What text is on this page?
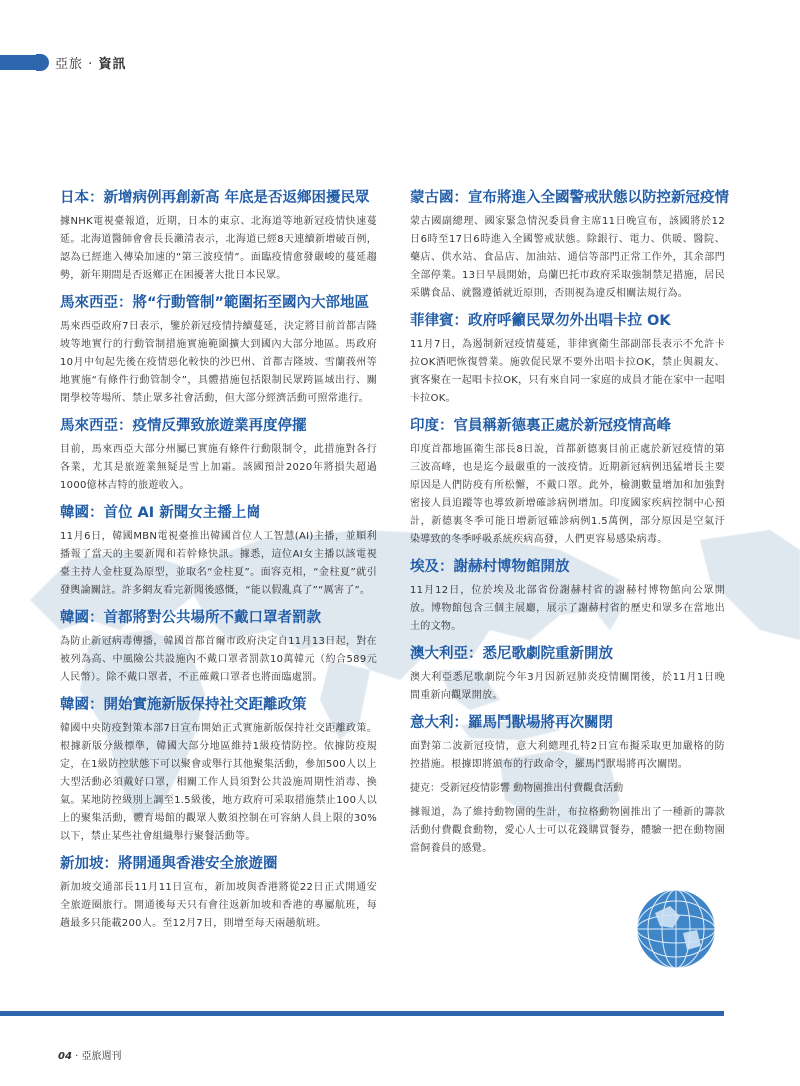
亞旅 · 資訊
日本：新增病例再創新高 年底是否返鄉困擾民眾

據NHK電視臺報道，近期，日本的東京、北海道等地新冠疫情快速蔓延。北海道醫師會會長長瀨清表示，北海道已經8天連續新增破百例，認為已經進入傳染加速的“第三波疫情”。面臨疫情愈發嚴峻的蔓延趨勢，新年期間是否返鄉正在困擾著大批日本民眾。

馬來西亞：將“行動管制”範圍拓至國內大部地區

馬來西亞政府7日表示，鑒於新冠疫情持續蔓延，決定將目前首都吉隆坡等地實行的行動管制措施實施範圍擴大到國內大部分地區。馬政府10月中旬起先後在疫情惡化較快的沙巴州、首都吉隆坡、雪蘭莪州等地實施“有條件行動管制令”，具體措施包括限制民眾跨區域出行、關閉學校等場所、禁止眾多社會活動，但大部分經濟活動可照常進行。

馬來西亞：疫情反彈致旅遊業再度停擺

目前，馬來西亞大部分州屬已實施有條件行動限制令，此措施對各行各業，尤其是旅遊業無疑是雪上加霜。該國預計2020年將損失超過1000億林吉特的旅遊收入。

韓國：首位 AI 新聞女主播上崗

11月6日，韓國MBN電視臺推出韓國首位人工智慧(AI)主播，並順利播報了當天的主要新聞和若幹條快訊。據悉，這位AI女主播以該電視臺主持人金柱夏為原型，並取名“金柱夏”。面容克相，“金柱夏”就引發輿論關註。許多網友看完新聞後感慨，“能以假亂真了”“厲害了”。

韓國：首都將對公共場所不戴口罩者罰款

為防止新冠病毒傳播，韓國首都首爾市政府決定自11月13日起，對在被列為高、中風險公共設施內不戴口罩者罰款10萬韓元（約合589元人民幣）。除不戴口罩者，不正確戴口罩者也將面臨處罰。

韓國：開始實施新版保持社交距離政策

韓國中央防疫對策本部7日宣布開始正式實施新版保持社交距離政策。根據新版分級標準，韓國大部分地區維持1級疫情防控。依據防疫規定，在1級防控狀態下可以聚會或舉行其他聚集活動，參加500人以上大型活動必須戴好口罩，相關工作人員須對公共設施周期性消毒、換氣。某地防控級別上調至1.5級後，地方政府可采取措施禁止100人以上的聚集活動，體育場館的觀眾人數須控制在可容納人員上限的30%以下，禁止某些社會組織舉行聚餐活動等。

新加坡：將開通與香港安全旅遊圈

新加坡交通部長11月11日宣布，新加坡與香港將從22日正式開通安全旅遊圈旅行。開通後每天只有會往返新加坡和香港的專屬航班，每趟最多只能載200人。至12月7日，則增至每天兩趟航班。

蒙古國：宣布將進入全國警戒狀態以防控新冠疫情

蒙古國副總理、國家緊急情況委員會主席11日晚宣布，該國將於12日6時至17日6時進入全國警戒狀態。除銀行、電力、供暖、醫院、藥店、供水站、食品店、加油站、通信等部門正常工作外，其余部門全部停業。13日早晨開始，烏蘭巴托市政府采取強制禁足措施，居民采購食品、就醫遵循就近原則，否則視為違反相關法規行為。

菲律賓：政府呼籲民眾勿外出唱卡拉 OK

11月7日，為遏制新冠疫情蔓延，菲律賓衛生部副部長表示不允許卡拉OK酒吧恢復營業。施敦促民眾不要外出唱卡拉OK，禁止與親友、賓客聚在一起唱卡拉OK，只有來自同一家庭的成員才能在家中一起唱卡拉OK。

印度：官員稱新德裏正處於新冠疫情高峰

印度首都地區衛生部長8日說，首都新德裏目前正處於新冠疫情的第三波高峰，也是迄今最嚴重的一波疫情。近期新冠病例迅猛增長主要原因是人們防疫有所松懈，不戴口罩。此外，檢測數量增加和加強對密接人員追蹤等也導致新增確診病例增加。印度國家疾病控制中心預計，新德裏冬季可能日增新冠確診病例1.5萬例，部分原因是空氣汙染導致的冬季呼吸系統疾病高發，人們更容易感染病毒。

埃及：謝赫村博物館開放

11月12日，位於埃及北部省份謝赫村省的謝赫村博物館向公眾開放。博物館包含三個主展廳，展示了謝赫村省的歷史和眾多在當地出土的文物。

澳大利亞：悉尼歌劇院重新開放

澳大利亞悉尼歌劇院今年3月因新冠肺炎疫情關閉後，於11月1日晚間重新向觀眾開放。

意大利：羅馬鬥獸場將再次關閉

面對第二波新冠疫情，意大利總理孔特2日宣布擬采取更加嚴格的防控措施。根據即將頒布的行政命令，羅馬鬥獸場將再次關閉。

捷克：受新冠疫情影響 動物園推出付費觀食活動

據報道，為了維持動物園的生計，布拉格動物園推出了一種新的籌款活動付費觀食動物，愛心人士可以花錢購買餐券，體驗一把在動物園當飼養員的感覺。

04 · 亞旅週刊
